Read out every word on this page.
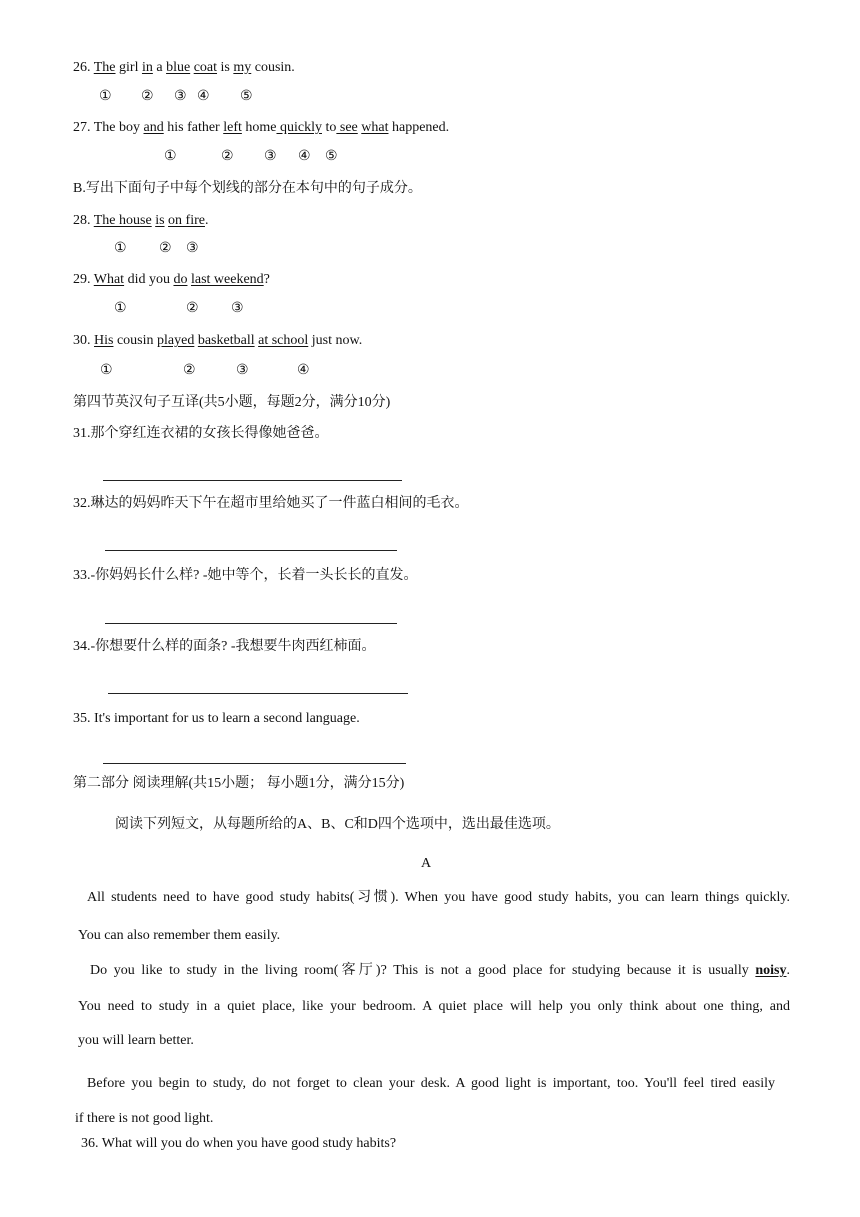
26. The girl in a blue coat is my cousin.
① ② ③ ④ ⑤
27. The boy and his father left home quickly to see what happened.
①	② ③ ④ ⑤
B.写出下面句子中每个划线的部分在本句中的句子成分。
28. The house is on fire.
① ② ③
29. What did you do last weekend?
①	② ③
30. His cousin played basketball at school just now.
①	②	③	④
第四节英汉句子互译(共5小题，每题2分，满分10分)
31.那个穿红连衣裙的女孩长得像她爸爸。
32.琳达的妈妈昨天下午在超市里给她买了一件蓝白相间的毛衣。
33.-你妈妈长什么样? -她中等个，长着一头长长的直发。
34.-你想要什么样的面条? -我想要牛肉西红柿面。
35. It's important for us to learn a second language.
第二部分 阅读理解(共15小题； 每小题1分，满分15分)
阅读下列短文，从每题所给的A、B、C和D四个选项中，选出最佳选项。
A
All students need to have good study habits(习惯). When you have good study habits, you can learn things quickly.
You can also remember them easily.
Do you like to study in the living room(客厅)? This is not a good place for studying because it is usually noisy.
You need to study in a quiet place, like your bedroom. A quiet place will help you only think about one thing, and
you will learn better.
Before you begin to study, do not forget to clean your desk. A good light is important, too. You'll feel tired easily
if there is not good light.
36. What will you do when you have good study habits?
